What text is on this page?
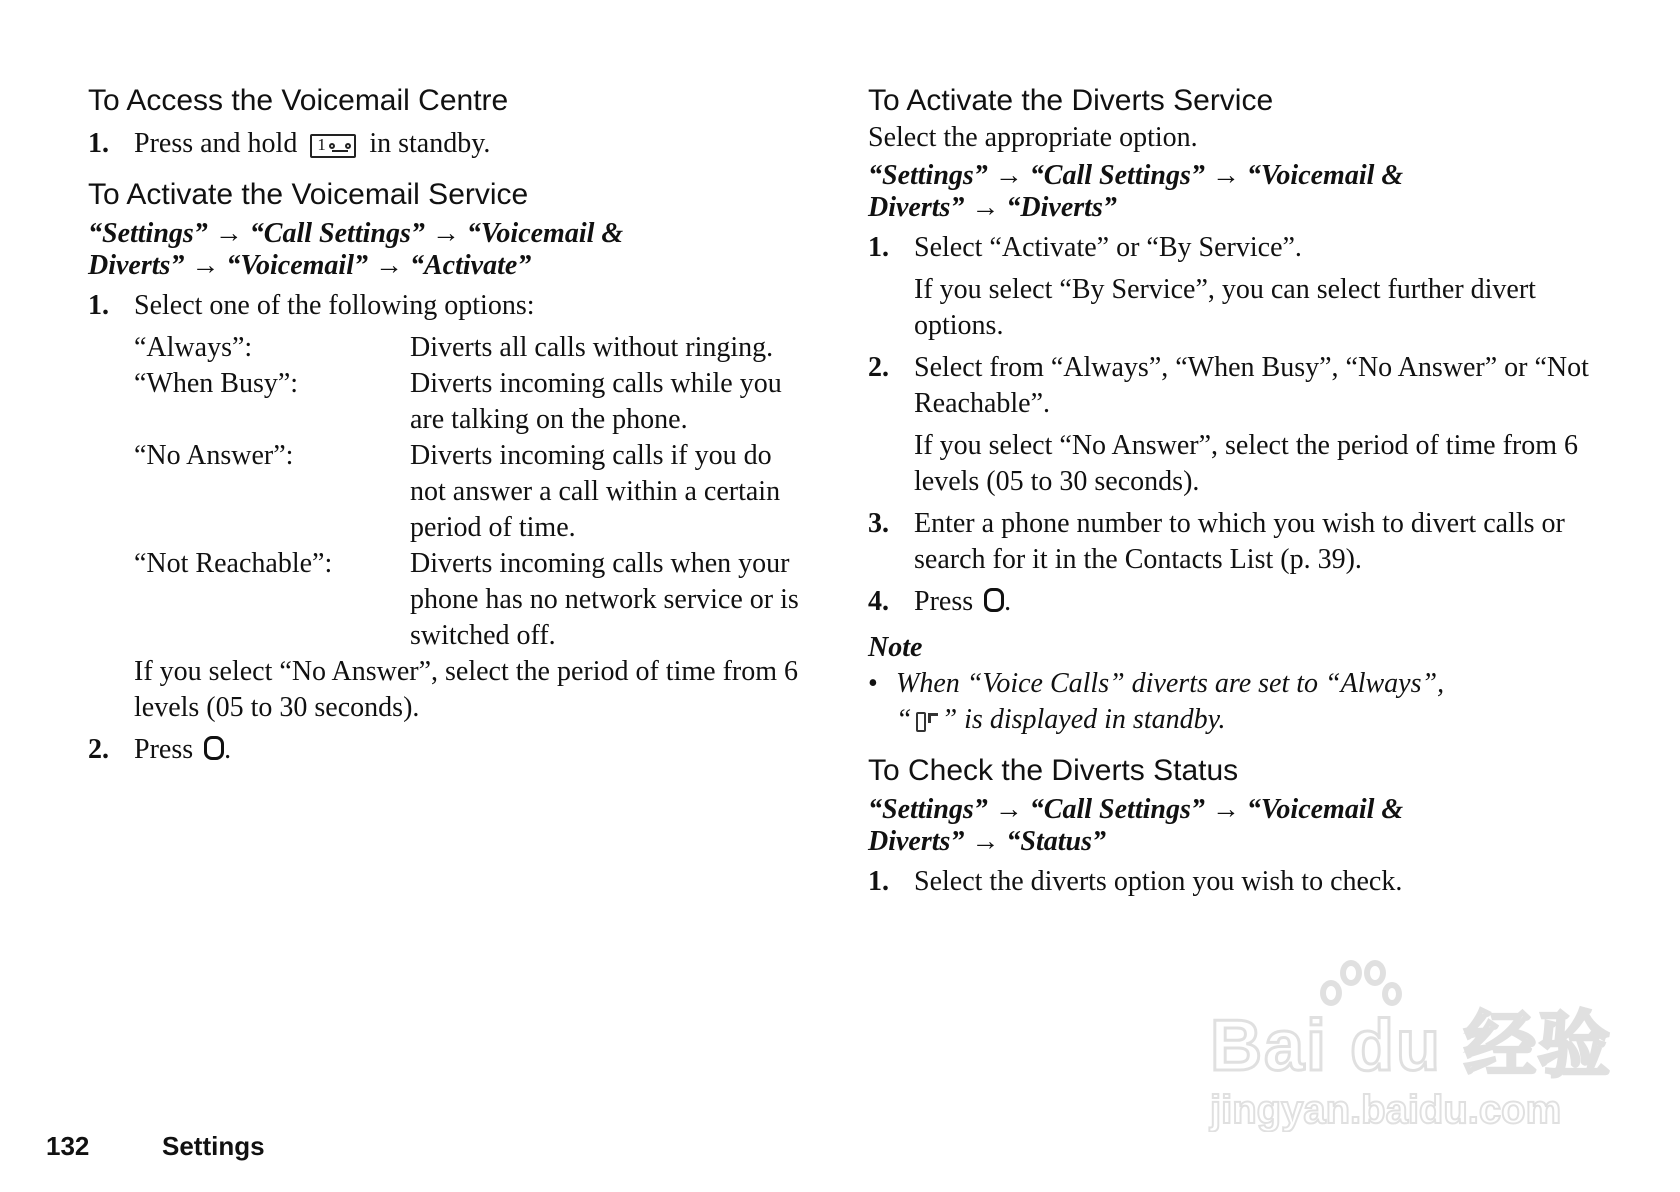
To Access the Voicemail Centre
1. Press and hold 1 in standby.
To Activate the Voicemail Service
“Settings” → “Call Settings” → “Voicemail &
Diverts” → “Voicemail” → “Activate”
1. Select one of the following options:
“Always”:	Diverts all calls without ringing.
“When Busy”:	Diverts incoming calls while you are talking on the phone.
“No Answer”:	Diverts incoming calls if you do not answer a call within a certain period of time.
“Not Reachable”:	Diverts incoming calls when your phone has no network service or is switched off.
If you select “No Answer”, select the period of time from 6 levels (05 to 30 seconds).
2. Press .
To Activate the Diverts Service
Select the appropriate option.
“Settings” → “Call Settings” → “Voicemail &
Diverts” → “Diverts”
1. Select “Activate” or “By Service”.
If you select “By Service”, you can select further divert options.
2. Select from “Always”, “When Busy”, “No Answer” or “Not Reachable”.
If you select “No Answer”, select the period of time from 6 levels (05 to 30 seconds).
3. Enter a phone number to which you wish to divert calls or search for it in the Contacts List (p. 39).
4. Press .
Note
• When “Voice Calls” diverts are set to “Always”,
“ ” is displayed in standby.
To Check the Diverts Status
“Settings” → “Call Settings” → “Voicemail &
Diverts” → “Status”
1. Select the diverts option you wish to check.
132	Settings
Bai du 经验
jingyan.baidu.com
